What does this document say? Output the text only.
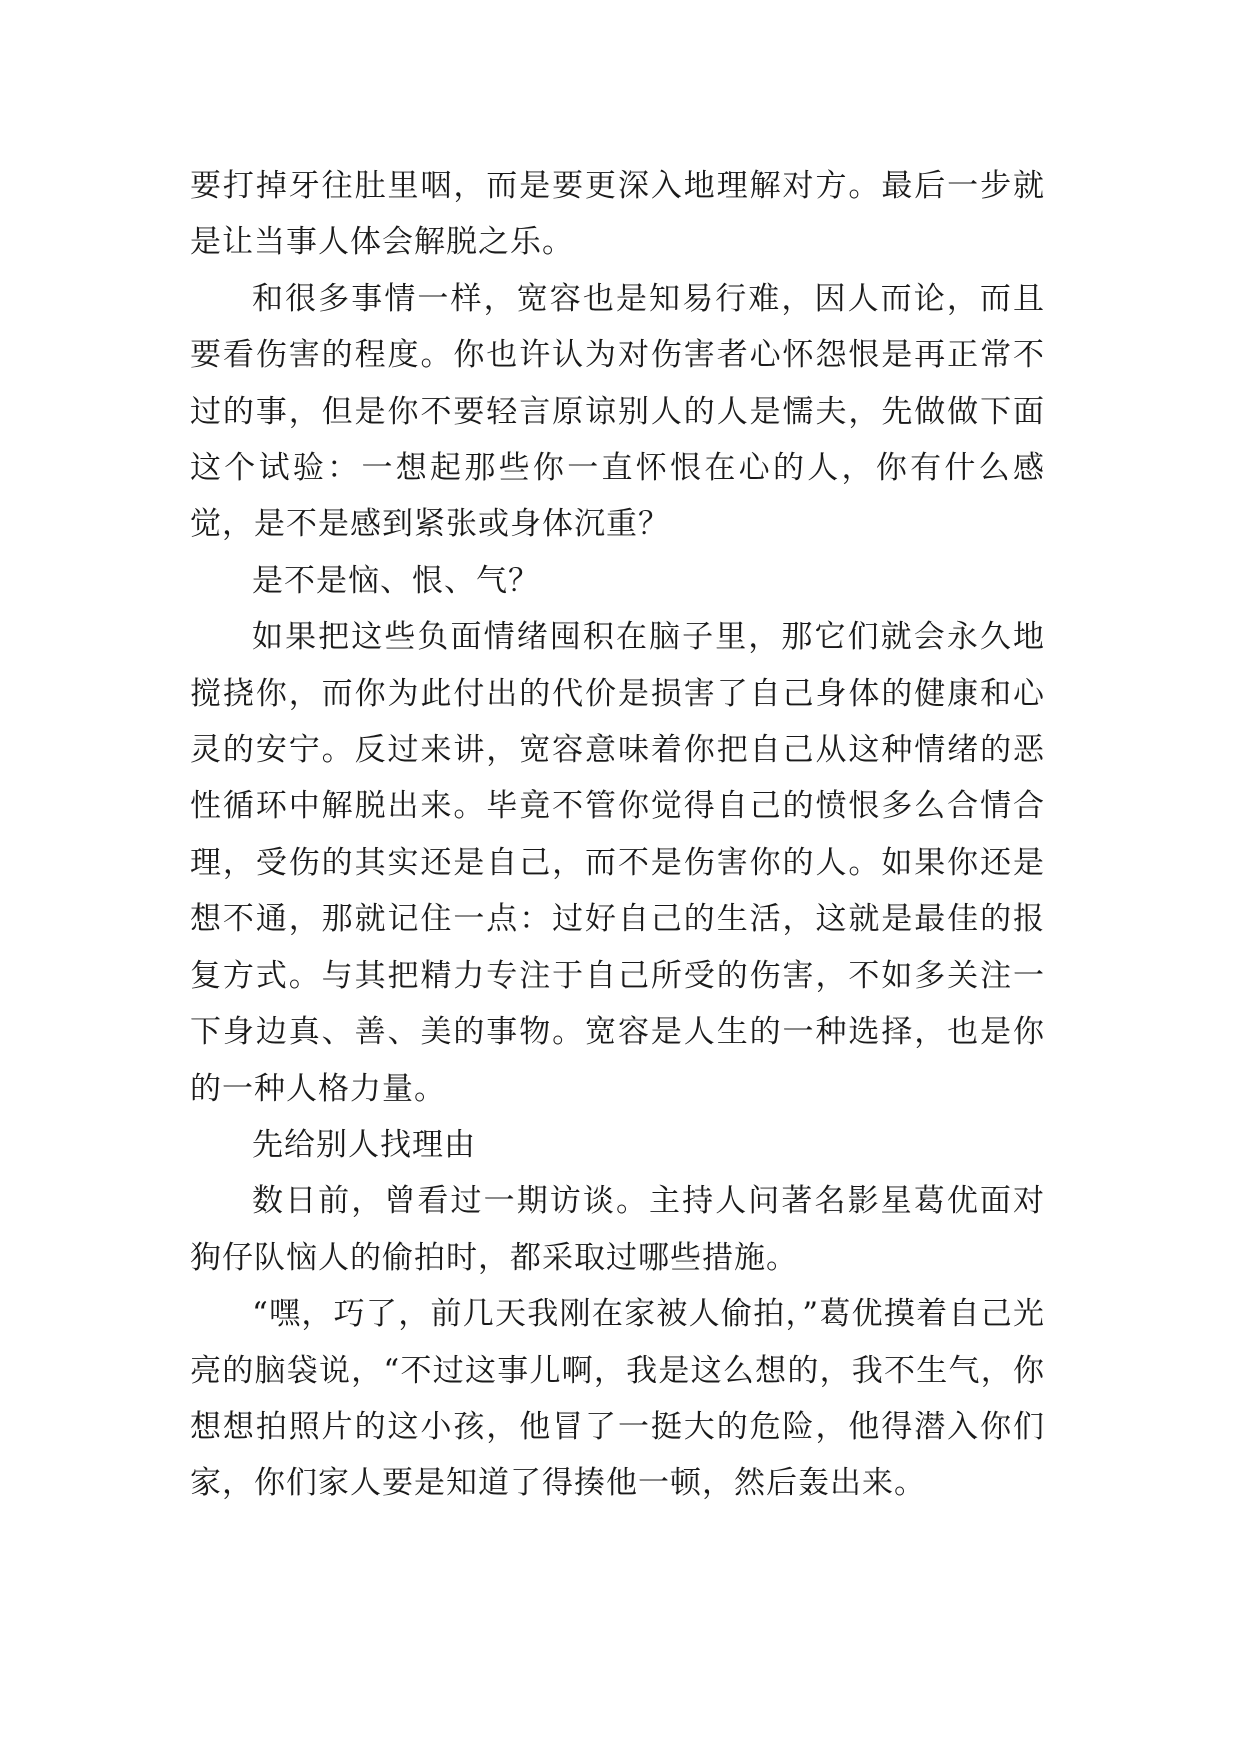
要打掉牙往肚里咽，而是要更深入地理解对方。最后一步就是让当事人体会解脱之乐。

和很多事情一样，宽容也是知易行难，因人而论，而且要看伤害的程度。你也许认为对伤害者心怀怨恨是再正常不过的事，但是你不要轻言原谅别人的人是懦夫，先做做下面这个试验：一想起那些你一直怀恨在心的人，你有什么感觉，是不是感到紧张或身体沉重？

是不是恼、恨、气？

如果把这些负面情绪囤积在脑子里，那它们就会永久地搅挠你，而你为此付出的代价是损害了自己身体的健康和心灵的安宁。反过来讲，宽容意味着你把自己从这种情绪的恶性循环中解脱出来。毕竟不管你觉得自己的愤恨多么合情合理，受伤的其实还是自己，而不是伤害你的人。如果你还是想不通，那就记住一点：过好自己的生活，这就是最佳的报复方式。与其把精力专注于自己所受的伤害，不如多关注一下身边真、善、美的事物。宽容是人生的一种选择，也是你的一种人格力量。

先给别人找理由

数日前，曾看过一期访谈。主持人问著名影星葛优面对狗仔队恼人的偷拍时，都采取过哪些措施。

“嘿，巧了，前几天我刚在家被人偷拍，”葛优摸着自己光亮的脑袋说，“不过这事儿啊，我是这么想的，我不生气，你想想拍照片的这小孩，他冒了一挺大的危险，他得潜入你们家，你们家人要是知道了得揍他一顿，然后轰出来。
